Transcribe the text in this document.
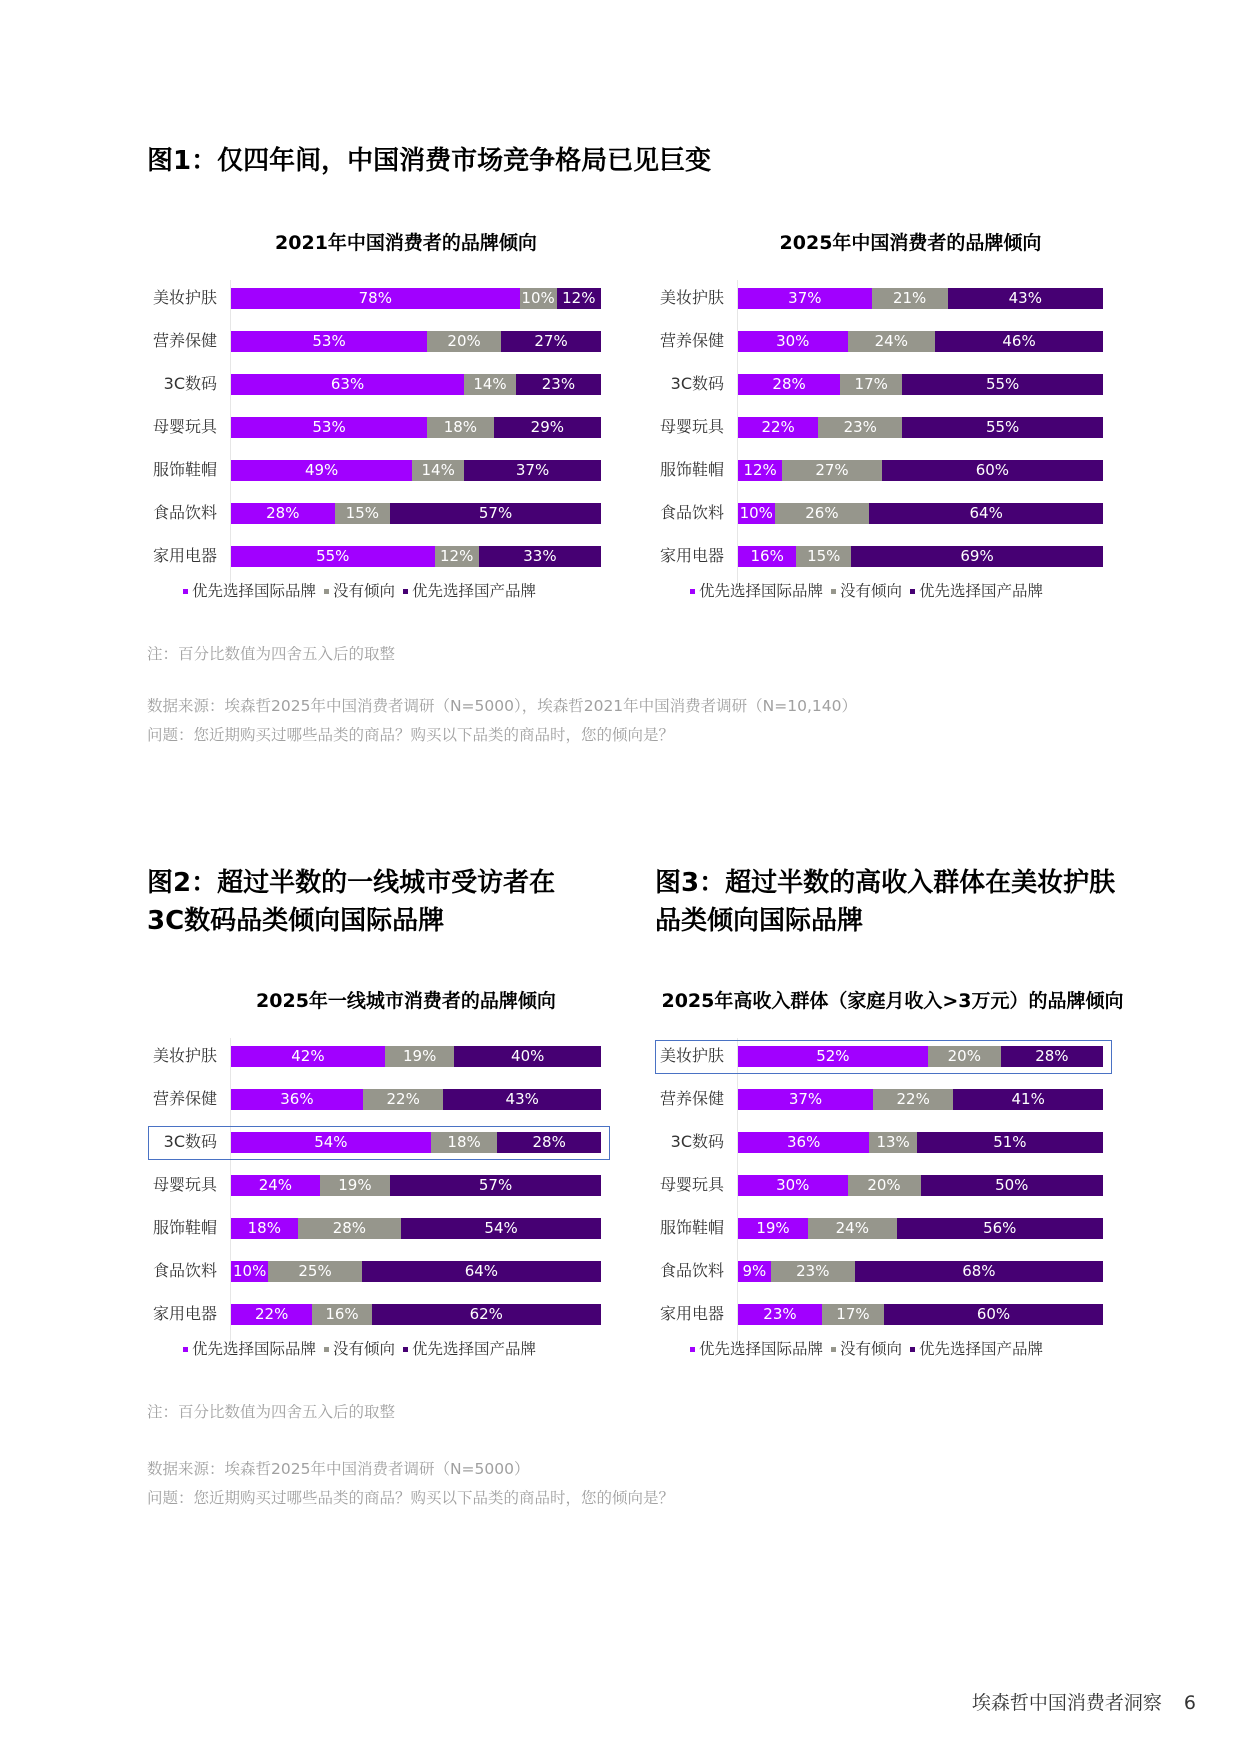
图1：仅四年间，中国消费市场竞争格局已见巨变
2021年中国消费者的品牌倾向
美妆护肤	78%	10% 12%
营养保健	53%	20%	27%
3C数码	63%	14%	23%
母婴玩具	53%	18%	29%
服饰鞋帽	49%	14%	37%
食品饮料	28%	15%	57%
家用电器	55%	12%	33%
优先选择国际品牌	没有倾向	优先选择国产品牌
2025年中国消费者的品牌倾向
美妆护肤	37%	21%	43%
营养保健	30%	24%	46%
3C数码	28%	17%	55%
母婴玩具	22%	23%	55%
服饰鞋帽	12%	27%	60%
食品饮料 10%	26%	64%
家用电器	16%	15%	69%
优先选择国际品牌	没有倾向	优先选择国产品牌
注：百分比数值为四舍五入后的取整
数据来源：埃森哲2025年中国消费者调研（N=5000），埃森哲2021年中国消费者调研（N=10,140）
问题：您近期购买过哪些品类的商品？购买以下品类的商品时，您的倾向是？
图2：超过半数的一线城市受访者在
3C数码品类倾向国际品牌
图3：超过半数的高收入群体在美妆护肤
品类倾向国际品牌
2025年一线城市消费者的品牌倾向
美妆护肤	42%	19%	40%
营养保健	36%	22%	43%
3C数码	54%	18%	28%
母婴玩具	24%	19%	57%
服饰鞋帽	18%	28%	54%
食品饮料 10%	25%	64%
家用电器	22%	16%	62%
优先选择国际品牌	没有倾向	优先选择国产品牌
2025年高收入群体（家庭月收入>3万元）的品牌倾向
美妆护肤	52%	20%	28%
营养保健	37%	22%	41%
3C数码	36%	13%	51%
母婴玩具	30%	20%	50%
服饰鞋帽	19%	24%	56%
食品饮料	9%	23%	68%
家用电器	23%	17%	60%
优先选择国际品牌	没有倾向	优先选择国产品牌
注：百分比数值为四舍五入后的取整
数据来源：埃森哲2025年中国消费者调研（N=5000）
问题：您近期购买过哪些品类的商品？购买以下品类的商品时，您的倾向是？
埃森哲中国消费者洞察 6
